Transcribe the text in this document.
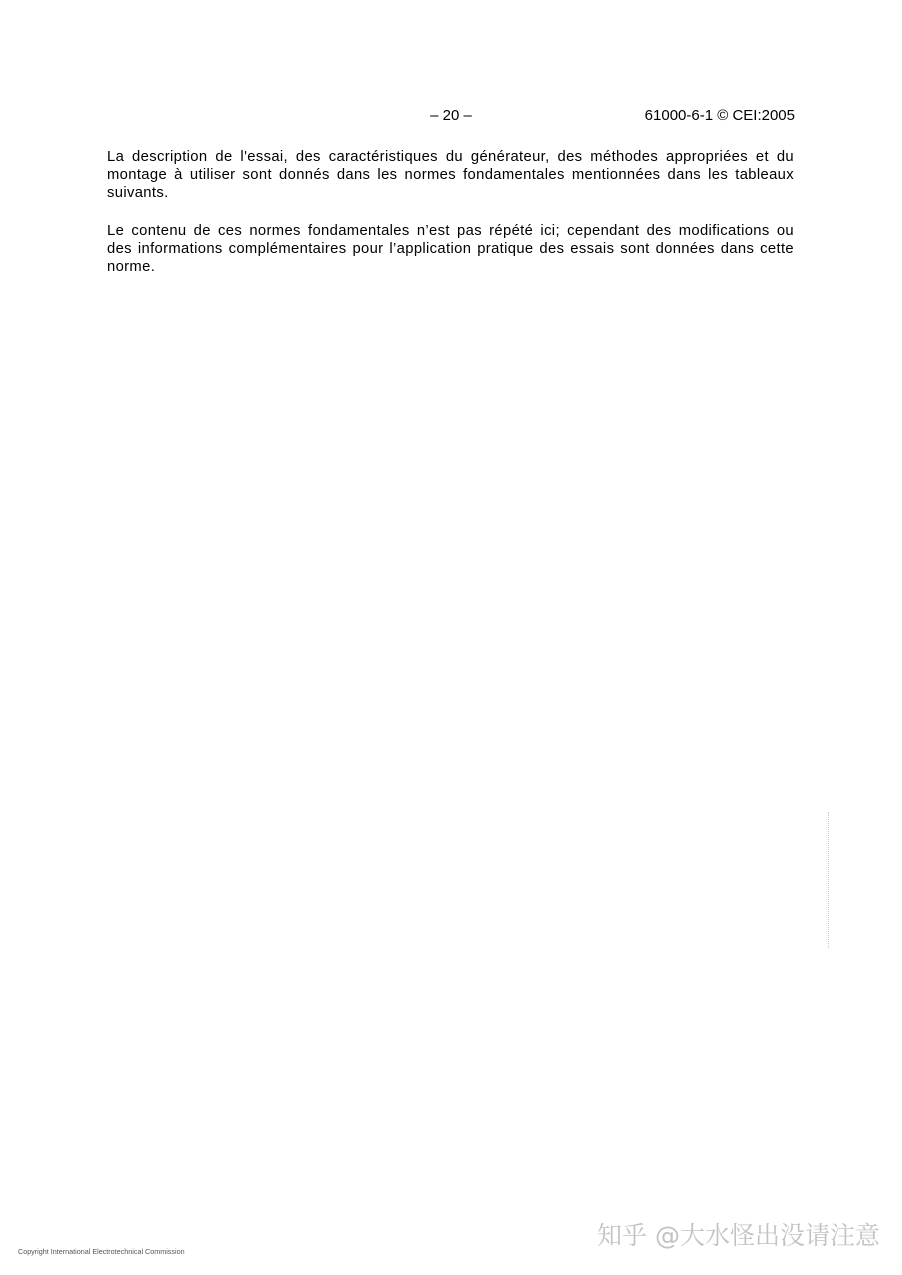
– 20 –	61000-6-1 © CEI:2005

La description de l'essai, des caractéristiques du générateur, des méthodes appropriées et du montage à utiliser sont donnés dans les normes fondamentales mentionnées dans les tableaux suivants.

Le contenu de ces normes fondamentales n’est pas répété ici; cependant des modifications ou des informations complémentaires pour l’application pratique des essais sont données dans cette norme.

Copyright International Electrotechnical Commission
知乎 @大水怪出没请注意
